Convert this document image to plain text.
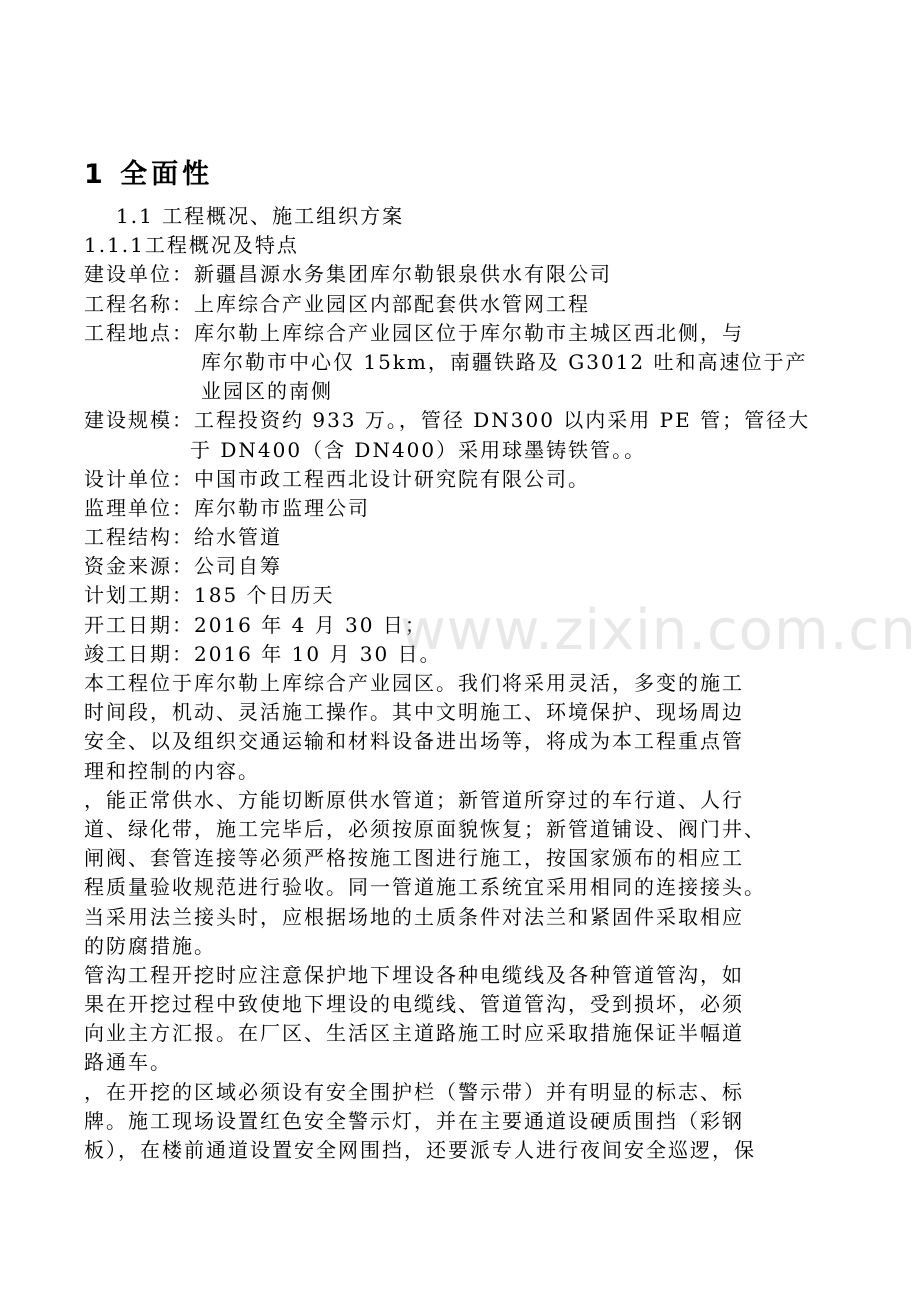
1 全面性
1.1 工程概况、施工组织方案
1.1.1工程概况及特点
建设单位：新疆昌源水务集团库尔勒银泉供水有限公司
工程名称：上库综合产业园区内部配套供水管网工程
工程地点：库尔勒上库综合产业园区位于库尔勒市主城区西北侧，与
库尔勒市中心仅 15km，南疆铁路及 G3012 吐和高速位于产
业园区的南侧
建设规模：工程投资约 933 万。，管径 DN300 以内采用 PE 管；管径大
于 DN400（含 DN400）采用球墨铸铁管。。
设计单位：中国市政工程西北设计研究院有限公司。
监理单位：库尔勒市监理公司
工程结构：给水管道
资金来源：公司自筹
计划工期：185 个日历天
开工日期：2016 年 4 月 30 日；
竣工日期：2016 年 10 月 30 日。
本工程位于库尔勒上库综合产业园区。我们将采用灵活，多变的施工
时间段，机动、灵活施工操作。其中文明施工、环境保护、现场周边
安全、以及组织交通运输和材料设备进出场等，将成为本工程重点管
理和控制的内容。
，能正常供水、方能切断原供水管道；新管道所穿过的车行道、人行
道、绿化带，施工完毕后，必须按原面貌恢复；新管道铺设、阀门井、
闸阀、套管连接等必须严格按施工图进行施工，按国家颁布的相应工
程质量验收规范进行验收。同一管道施工系统宜采用相同的连接接头。
当采用法兰接头时，应根据场地的土质条件对法兰和紧固件采取相应
的防腐措施。
管沟工程开挖时应注意保护地下埋设各种电缆线及各种管道管沟，如
果在开挖过程中致使地下埋设的电缆线、管道管沟，受到损坏，必须
向业主方汇报。在厂区、生活区主道路施工时应采取措施保证半幅道
路通车。
，在开挖的区域必须设有安全围护栏（警示带）并有明显的标志、标
牌。施工现场设置红色安全警示灯，并在主要通道设硬质围挡（彩钢
板），在楼前通道设置安全网围挡，还要派专人进行夜间安全巡逻，保
www.zixin.com.cn
